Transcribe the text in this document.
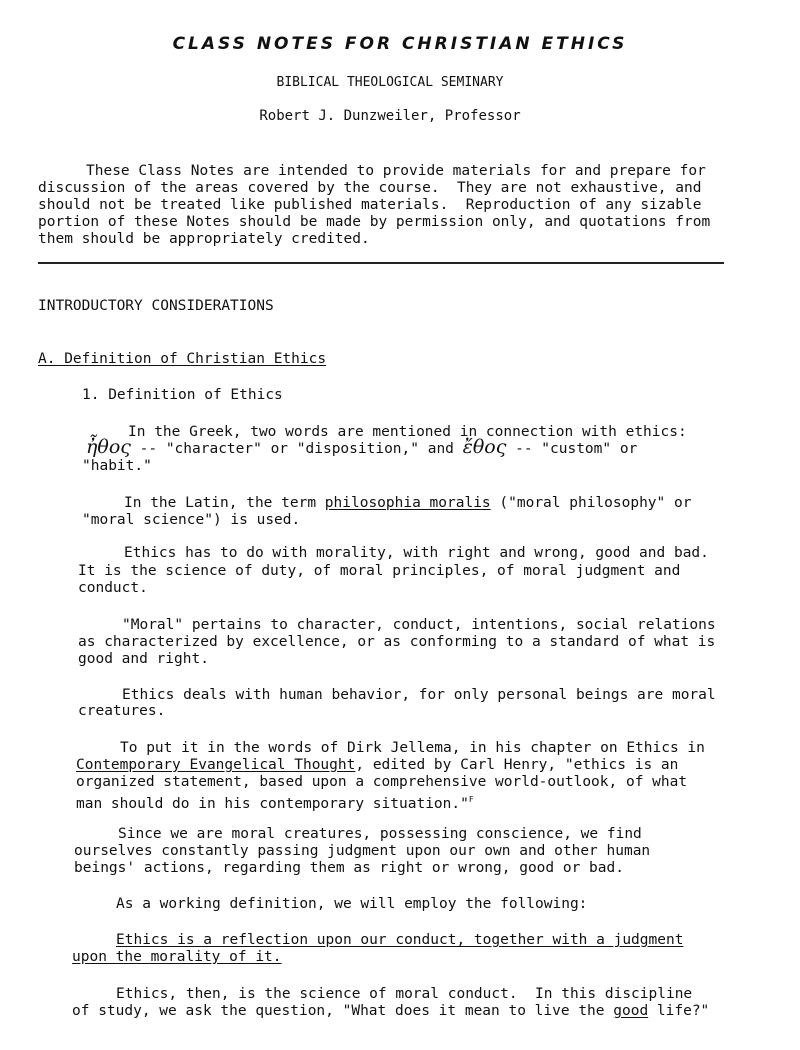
CLASS NOTES FOR CHRISTIAN ETHICS
BIBLICAL THEOLOGICAL SEMINARY
Robert J. Dunzweiler, Professor
These Class Notes are intended to provide materials for and prepare for
discussion of the areas covered by the course.  They are not exhaustive, and
should not be treated like published materials.  Reproduction of any sizable
portion of these Notes should be made by permission only, and quotations from
them should be appropriately credited.
INTRODUCTORY CONSIDERATIONS
A. Definition of Christian Ethics
1. Definition of Ethics
In the Greek, two words are mentioned in connection with ethics:
ἦθος -- "character" or "disposition," and ἔθος -- "custom" or
"habit."
In the Latin, the term philosophia moralis ("moral philosophy" or
"moral science") is used.
Ethics has to do with morality, with right and wrong, good and bad.
It is the science of duty, of moral principles, of moral judgment and
conduct.
"Moral" pertains to character, conduct, intentions, social relations
as characterized by excellence, or as conforming to a standard of what is
good and right.
Ethics deals with human behavior, for only personal beings are moral
creatures.
To put it in the words of Dirk Jellema, in his chapter on Ethics in
Contemporary Evangelical Thought, edited by Carl Henry, "ethics is an
organized statement, based upon a comprehensive world-outlook, of what
man should do in his contemporary situation."$^F$
Since we are moral creatures, possessing conscience, we find
ourselves constantly passing judgment upon our own and other human
beings' actions, regarding them as right or wrong, good or bad.
As a working definition, we will employ the following:
Ethics is a reflection upon our conduct, together with a judgment
upon the morality of it.
Ethics, then, is the science of moral conduct.  In this discipline
of study, we ask the question, "What does it mean to live the good life?"
